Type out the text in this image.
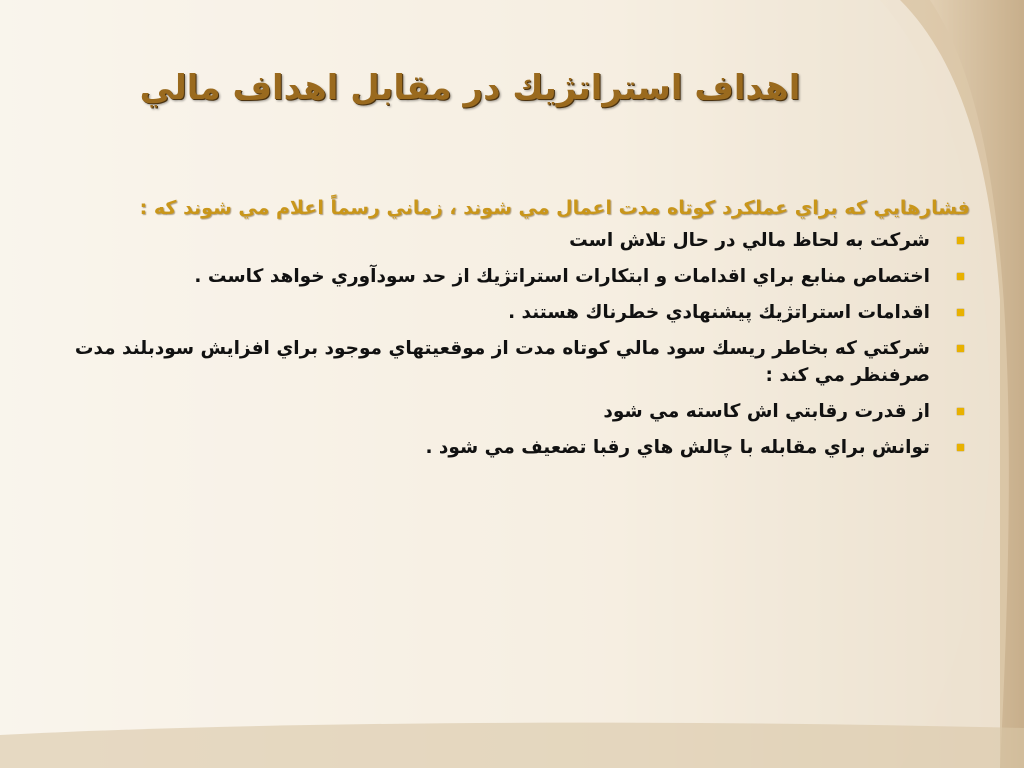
اهداف استراتژيك در مقابل اهداف مالي

فشارهايي كه براي عملكرد كوتاه مدت اعمال مي شوند ، زماني رسماً اعلام مي شوند كه :

شركت به لحاظ مالي در حال تلاش است
اختصاص منابع براي اقدامات و ابتكارات استراتژيك از حد سودآوري خواهد كاست .
اقدامات استراتژيك پيشنهادي خطرناك هستند .
شركتي كه بخاطر ريسك سود مالي كوتاه مدت از موقعيتهاي موجود براي افزايش سودبلند مدت صرفنظر مي كند :
از قدرت رقابتي اش كاسته مي شود
توانش براي مقابله با چالش هاي رقبا تضعيف مي شود .
